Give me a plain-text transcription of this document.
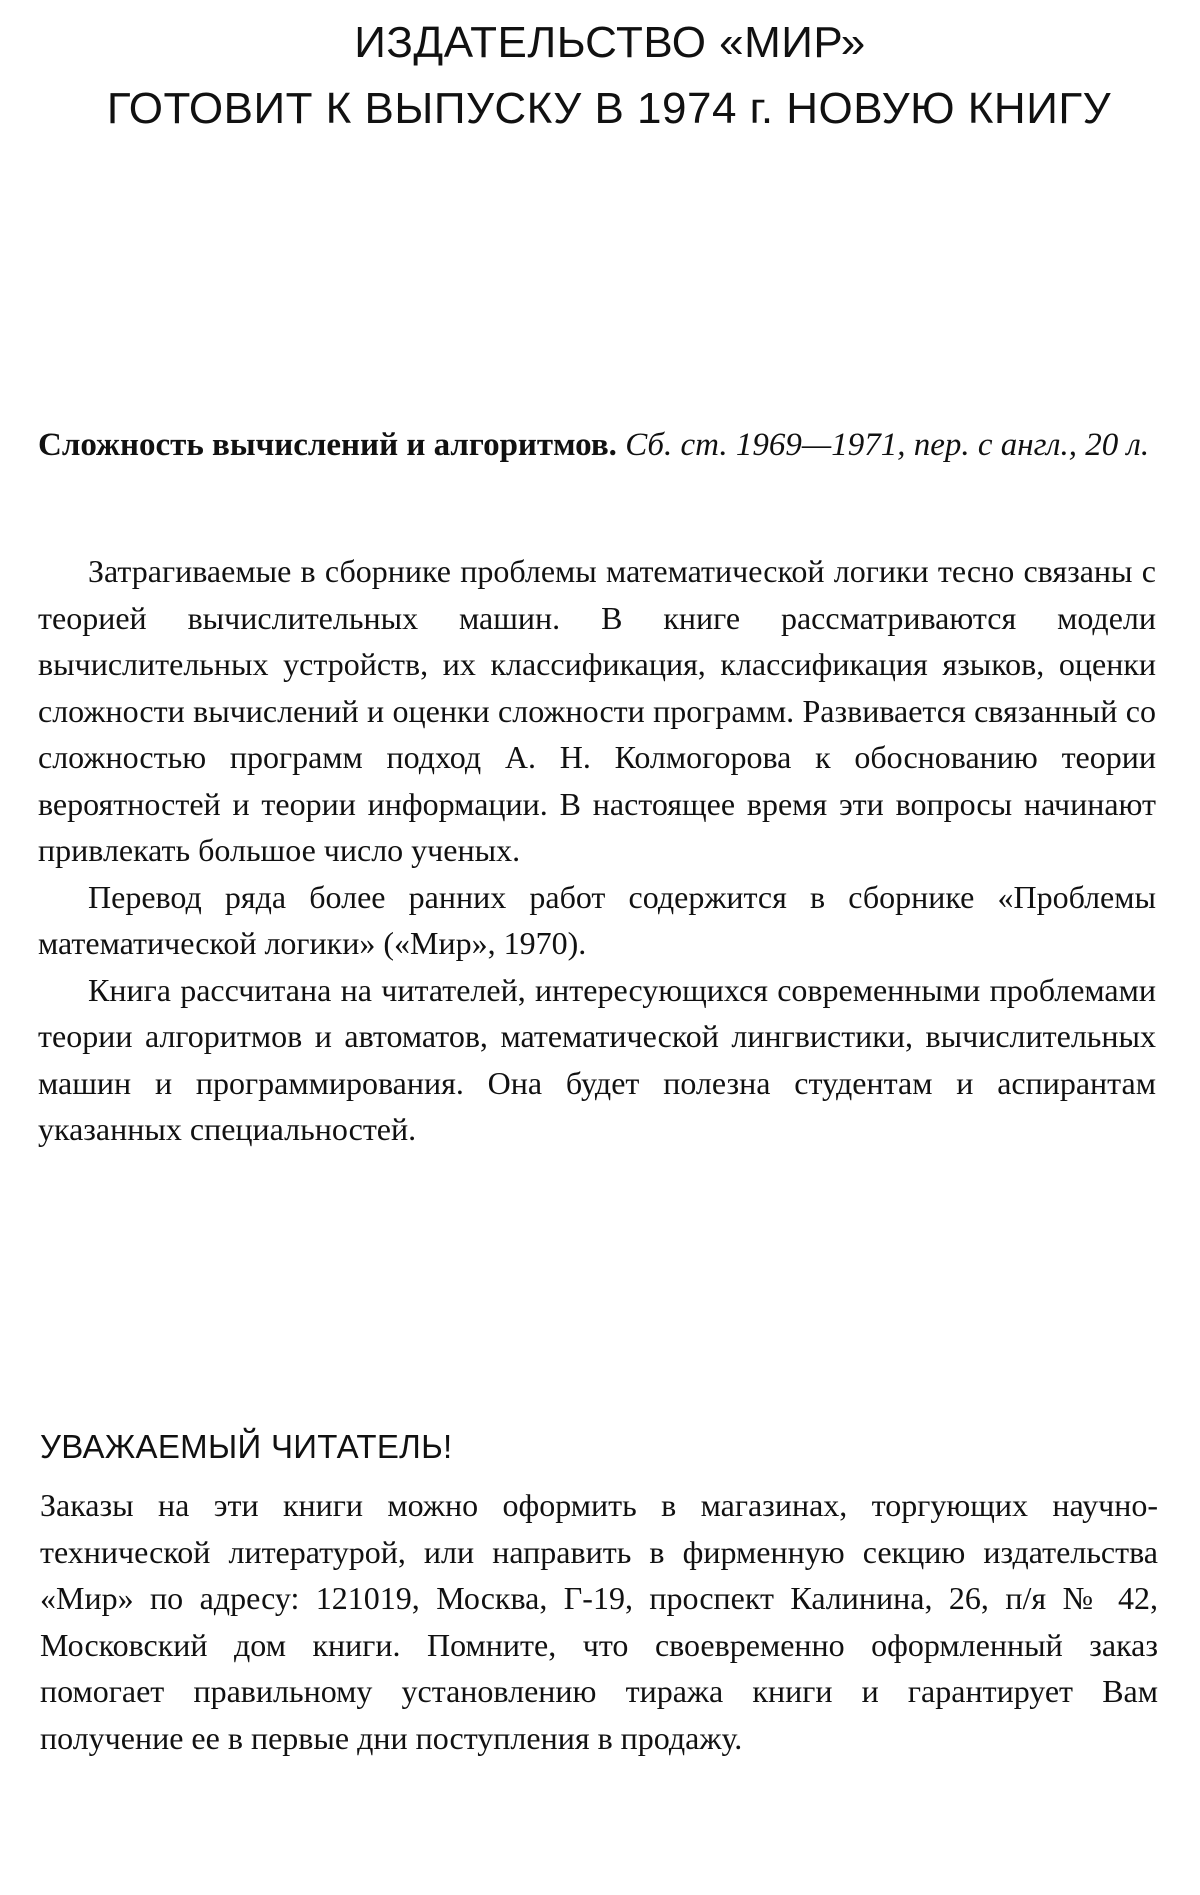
ИЗДАТЕЛЬСТВО «МИР»
ГОТОВИТ К ВЫПУСКУ В 1974 г. НОВУЮ КНИГУ
Сложность вычислений и алгоритмов. Сб. ст. 1969—1971, пер. с англ., 20 л.

Затрагиваемые в сборнике проблемы математической логики тесно связаны с теорией вычислительных машин. В книге рассматриваются модели вычислительных устройств, их классификация, классификация языков, оценки сложности вычислений и оценки сложности программ. Развивается связанный со сложностью программ подход А. Н. Колмогорова к обоснованию теории вероятностей и теории информации. В настоящее время эти вопросы начинают привлекать большое число ученых.

Перевод ряда более ранних работ содержится в сборнике «Проблемы математической логики» («Мир», 1970).

Книга рассчитана на читателей, интересующихся современными проблемами теории алгоритмов и автоматов, математической лингвистики, вычислительных машин и программирования. Она будет полезна студентам и аспирантам указанных специальностей.

УВАЖАЕМЫЙ ЧИТАТЕЛЬ!
Заказы на эти книги можно оформить в магазинах, торгующих научно-технической литературой, или направить в фирменную секцию издательства «Мир» по адресу: 121019, Москва, Г-19, проспект Калинина, 26, п/я № 42, Московский дом книги. Помните, что своевременно оформленный заказ помогает правильному установлению тиража книги и гарантирует Вам получение ее в первые дни поступления в продажу.
